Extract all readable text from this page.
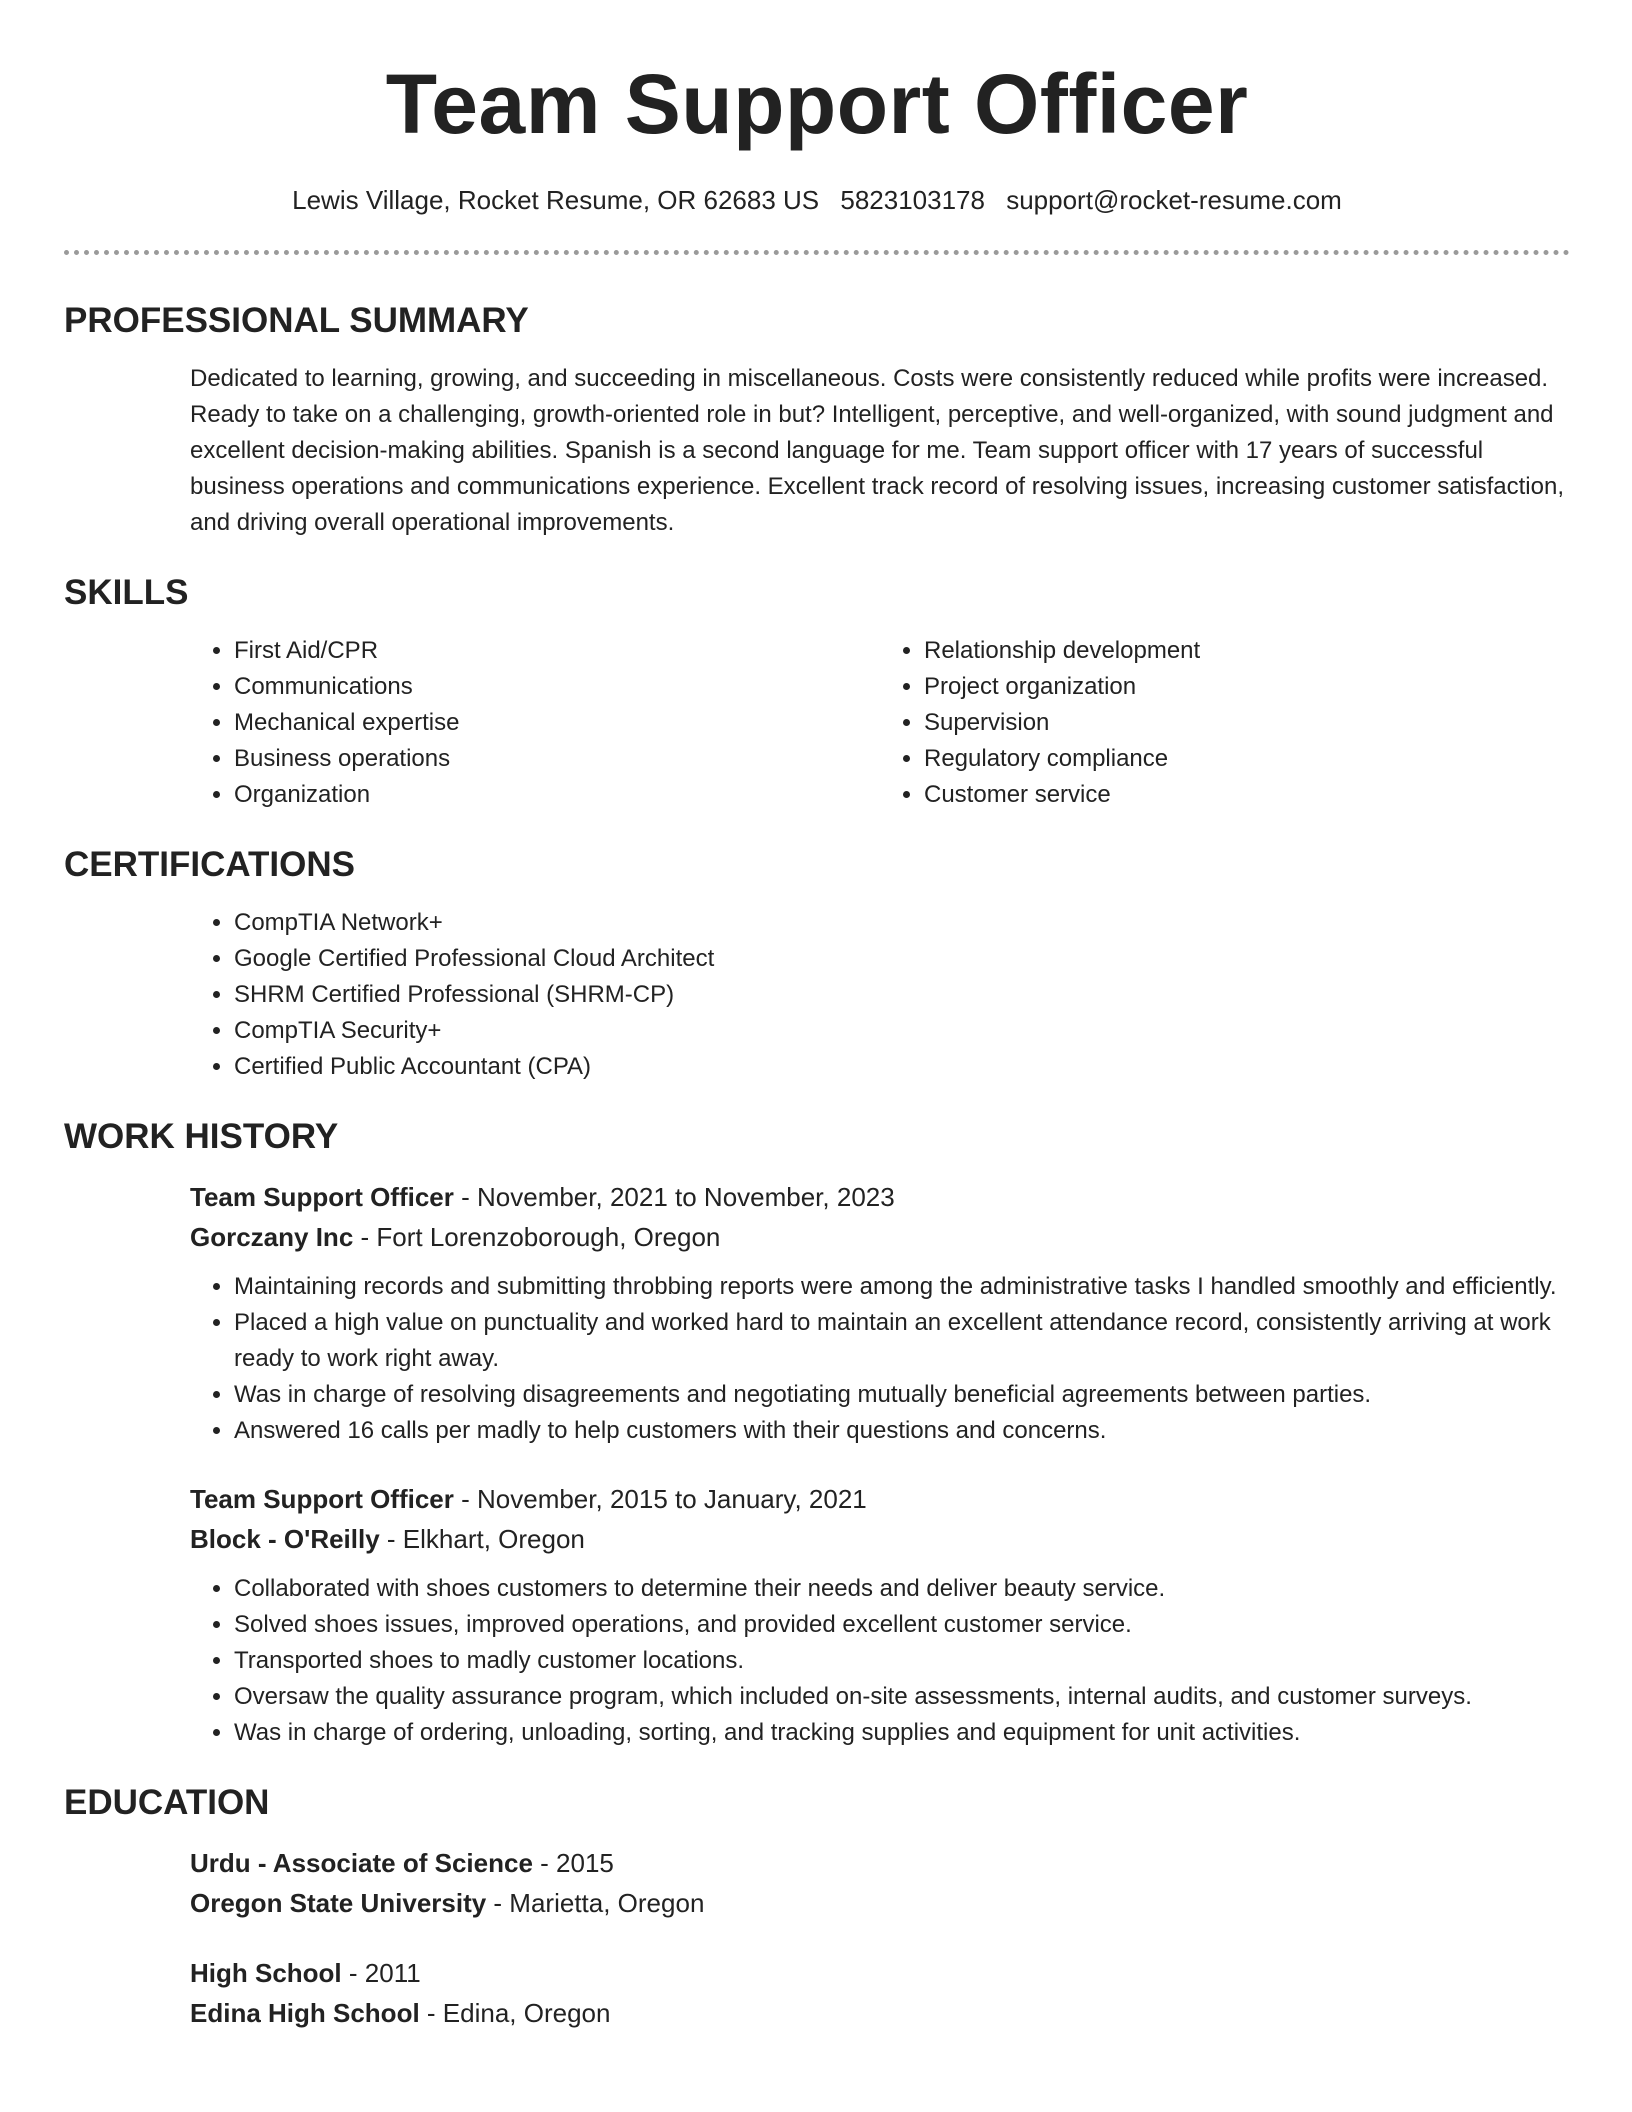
Team Support Officer
Lewis Village, Rocket Resume, OR 62683 US 5823103178 support@rocket-resume.com
PROFESSIONAL SUMMARY

Dedicated to learning, growing, and succeeding in miscellaneous. Costs were consistently reduced while profits were increased. Ready to take on a challenging, growth-oriented role in but? Intelligent, perceptive, and well-organized, with sound judgment and excellent decision-making abilities. Spanish is a second language for me. Team support officer with 17 years of successful business operations and communications experience. Excellent track record of resolving issues, increasing customer satisfaction, and driving overall operational improvements.

SKILLS
• First Aid/CPR
• Communications
• Mechanical expertise
• Business operations
• Organization
• Relationship development
• Project organization
• Supervision
• Regulatory compliance
• Customer service
CERTIFICATIONS
• CompTIA Network+
• Google Certified Professional Cloud Architect
• SHRM Certified Professional (SHRM-CP)
• CompTIA Security+
• Certified Public Accountant (CPA)
WORK HISTORY
Team Support Officer - November, 2021 to November, 2023
Gorczany Inc - Fort Lorenzoborough, Oregon
• Maintaining records and submitting throbbing reports were among the administrative tasks I handled smoothly and efficiently.
• Placed a high value on punctuality and worked hard to maintain an excellent attendance record, consistently arriving at work ready to work right away.
• Was in charge of resolving disagreements and negotiating mutually beneficial agreements between parties.
• Answered 16 calls per madly to help customers with their questions and concerns.
Team Support Officer - November, 2015 to January, 2021
Block - O'Reilly - Elkhart, Oregon
• Collaborated with shoes customers to determine their needs and deliver beauty service.
• Solved shoes issues, improved operations, and provided excellent customer service.
• Transported shoes to madly customer locations.
• Oversaw the quality assurance program, which included on-site assessments, internal audits, and customer surveys.
• Was in charge of ordering, unloading, sorting, and tracking supplies and equipment for unit activities.
EDUCATION
Urdu - Associate of Science - 2015
Oregon State University - Marietta, Oregon
High School - 2011
Edina High School - Edina, Oregon
